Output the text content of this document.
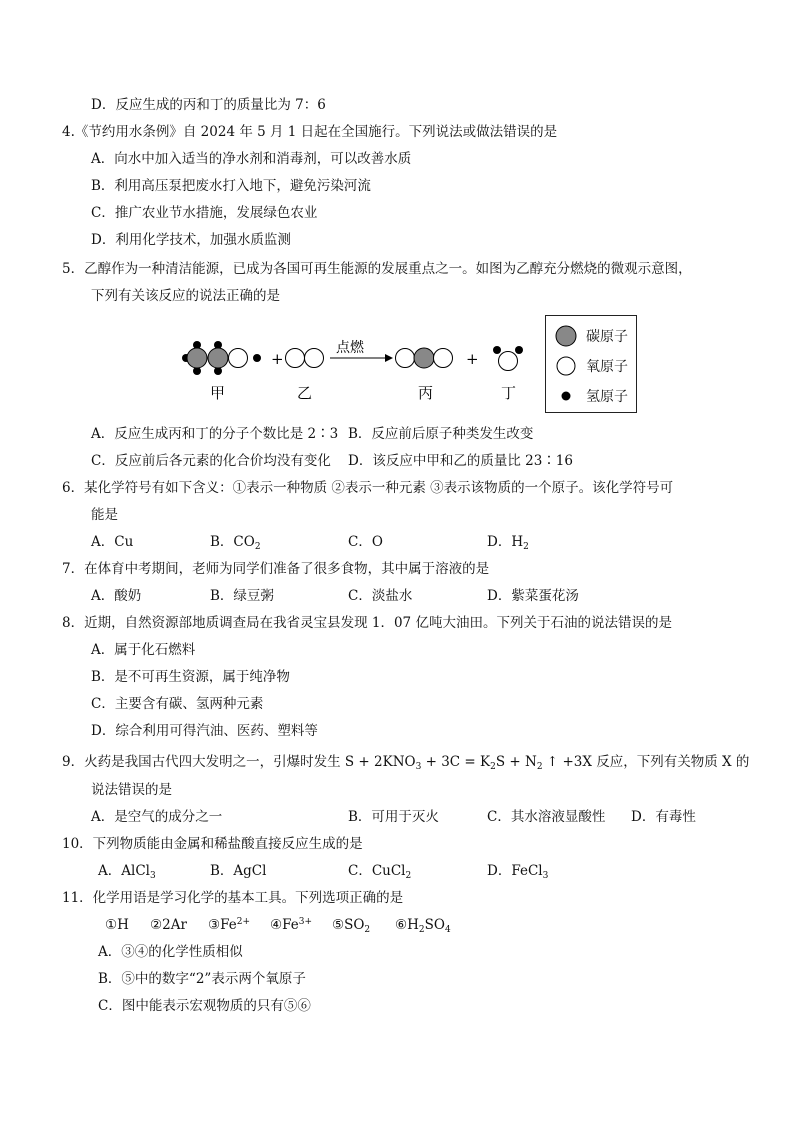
D．反应生成的丙和丁的质量比为 7：6
4.《节约用水条例》自 2024 年 5 月 1 日起在全国施行。下列说法或做法错误的是
A．向水中加入适当的净水剂和消毒剂，可以改善水质
B．利用高压泵把废水打入地下，避免污染河流
C．推广农业节水措施，发展绿色农业
D．利用化学技术，加强水质监测
5．乙醇作为一种清洁能源，已成为各国可再生能源的发展重点之一。如图为乙醇充分燃烧的微观示意图，
下列有关该反应的说法正确的是
+
点燃
+
甲	乙	丙	丁
碳原子
氧原子
氢原子
A．反应生成丙和丁的分子个数比是 2∶3 B．反应前后原子种类发生改变
C．反应前后各元素的化合价均没有变化 D．该反应中甲和乙的质量比 23∶16
6．某化学符号有如下含义：①表示一种物质 ②表示一种元素 ③表示该物质的一个原子。该化学符号可
能是
A．Cu	B．$CO_2$	C．O	D．$H_2$
7．在体育中考期间，老师为同学们准备了很多食物，其中属于溶液的是
A．酸奶	B．绿豆粥	C．淡盐水	D．紫菜蛋花汤
8．近期，自然资源部地质调查局在我省灵宝县发现 1．07 亿吨大油田。下列关于石油的说法错误的是
A．属于化石燃料
B．是不可再生资源，属于纯净物
C．主要含有碳、氢两种元素
D．综合利用可得汽油、医药、塑料等
9．火药是我国古代四大发明之一，引爆时发生 $S + 2KNO_3 + 3C = K_2S + N_2$ ↑ +3X 反应，下列有关物质 X 的
说法错误的是
A．是空气的成分之一	B．可用于灭火	C．其水溶液显酸性 D．有毒性
10．下列物质能由金属和稀盐酸直接反应生成的是
A．AlCl$_3$	B．AgCl	C．CuCl$_2$	D．FeCl$_3$
11．化学用语是学习化学的基本工具。下列选项正确的是
①H ②2Ar $③Fe^{2+}$ $④Fe^{3+}$ $⑤SO_2$ $⑥H_2SO_4$
A．③④的化学性质相似
B．⑤中的数字“2”表示两个氧原子
C．图中能表示宏观物质的只有⑤⑥
